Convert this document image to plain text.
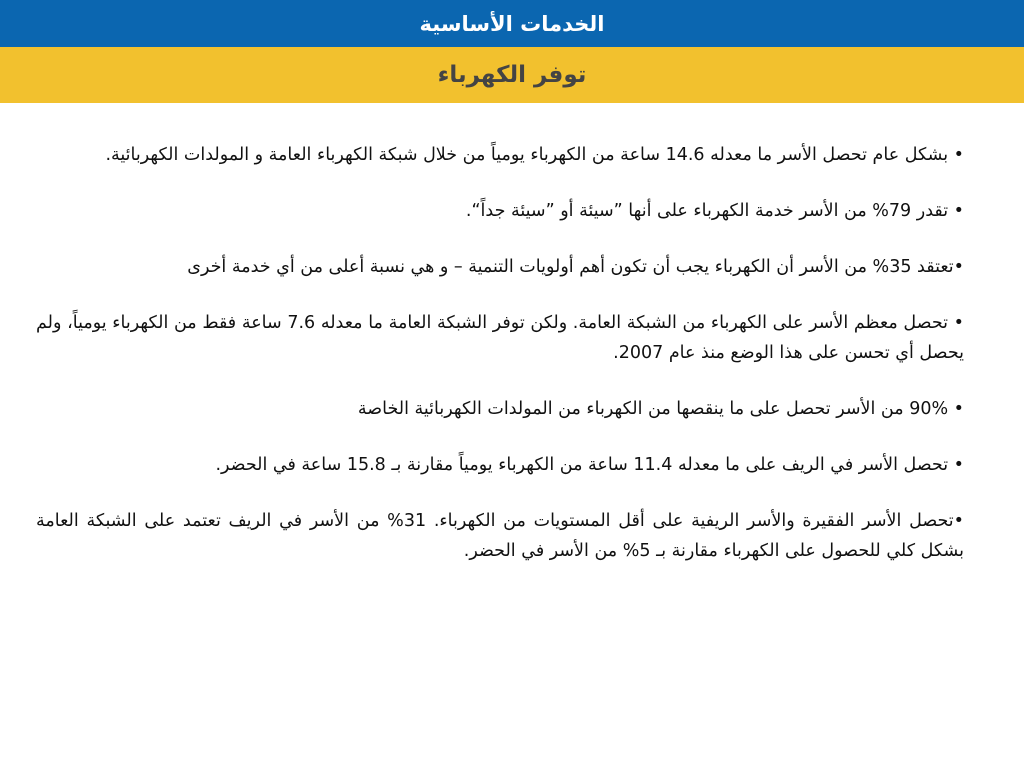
الخدمات الأساسية
توفر الكهرباء

• بشكل عام تحصل الأسر ما معدله 14.6 ساعة من الكهرباء يومياً من خلال شبكة الكهرباء العامة و المولدات الكهربائية.

• تقدر 79% من الأسر خدمة الكهرباء على أنها ”سيئة أو ”سيئة جداً“.

•تعتقد 35% من الأسر أن الكهرباء يجب أن تكون أهم أولويات التنمية – و هي نسبة أعلى من أي خدمة أخرى

• تحصل معظم الأسر على الكهرباء من الشبكة العامة. ولكن توفر الشبكة العامة ما معدله 7.6 ساعة فقط من الكهرباء يومياً، ولم يحصل أي تحسن على هذا الوضع منذ عام 2007.

• 90% من الأسر تحصل على ما ينقصها من الكهرباء من المولدات الكهربائية الخاصة

• تحصل الأسر في الريف على ما معدله 11.4 ساعة من الكهرباء يومياً مقارنة بـ 15.8 ساعة في الحضر.

•تحصل الأسر الفقيرة والأسر الريفية على أقل المستويات من الكهرباء. 31% من الأسر في الريف تعتمد على الشبكة العامة بشكل كلي للحصول على الكهرباء مقارنة بـ 5% من الأسر في الحضر.
